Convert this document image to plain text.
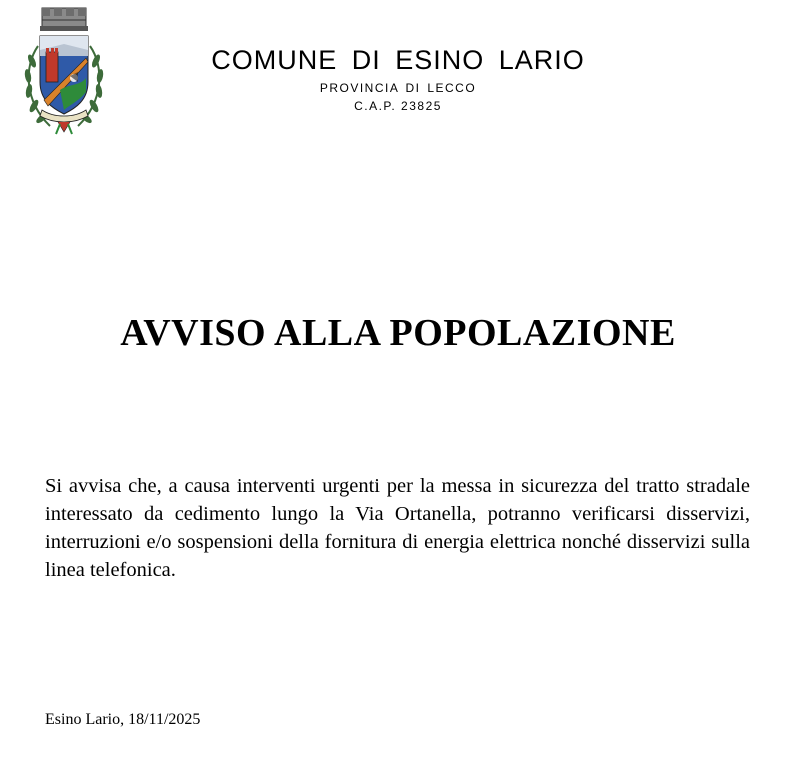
COMUNE DI ESINO LARIO
PROVINCIA DI LECCO
C.A.P. 23825
AVVISO ALLA POPOLAZIONE

Si avvisa che, a causa interventi urgenti per la messa in sicurezza del tratto stradale interessato da cedimento lungo la Via Ortanella, potranno verificarsi disservizi, interruzioni e/o sospensioni della fornitura di energia elettrica nonché disservizi sulla linea telefonica.

Esino Lario, 18/11/2025
